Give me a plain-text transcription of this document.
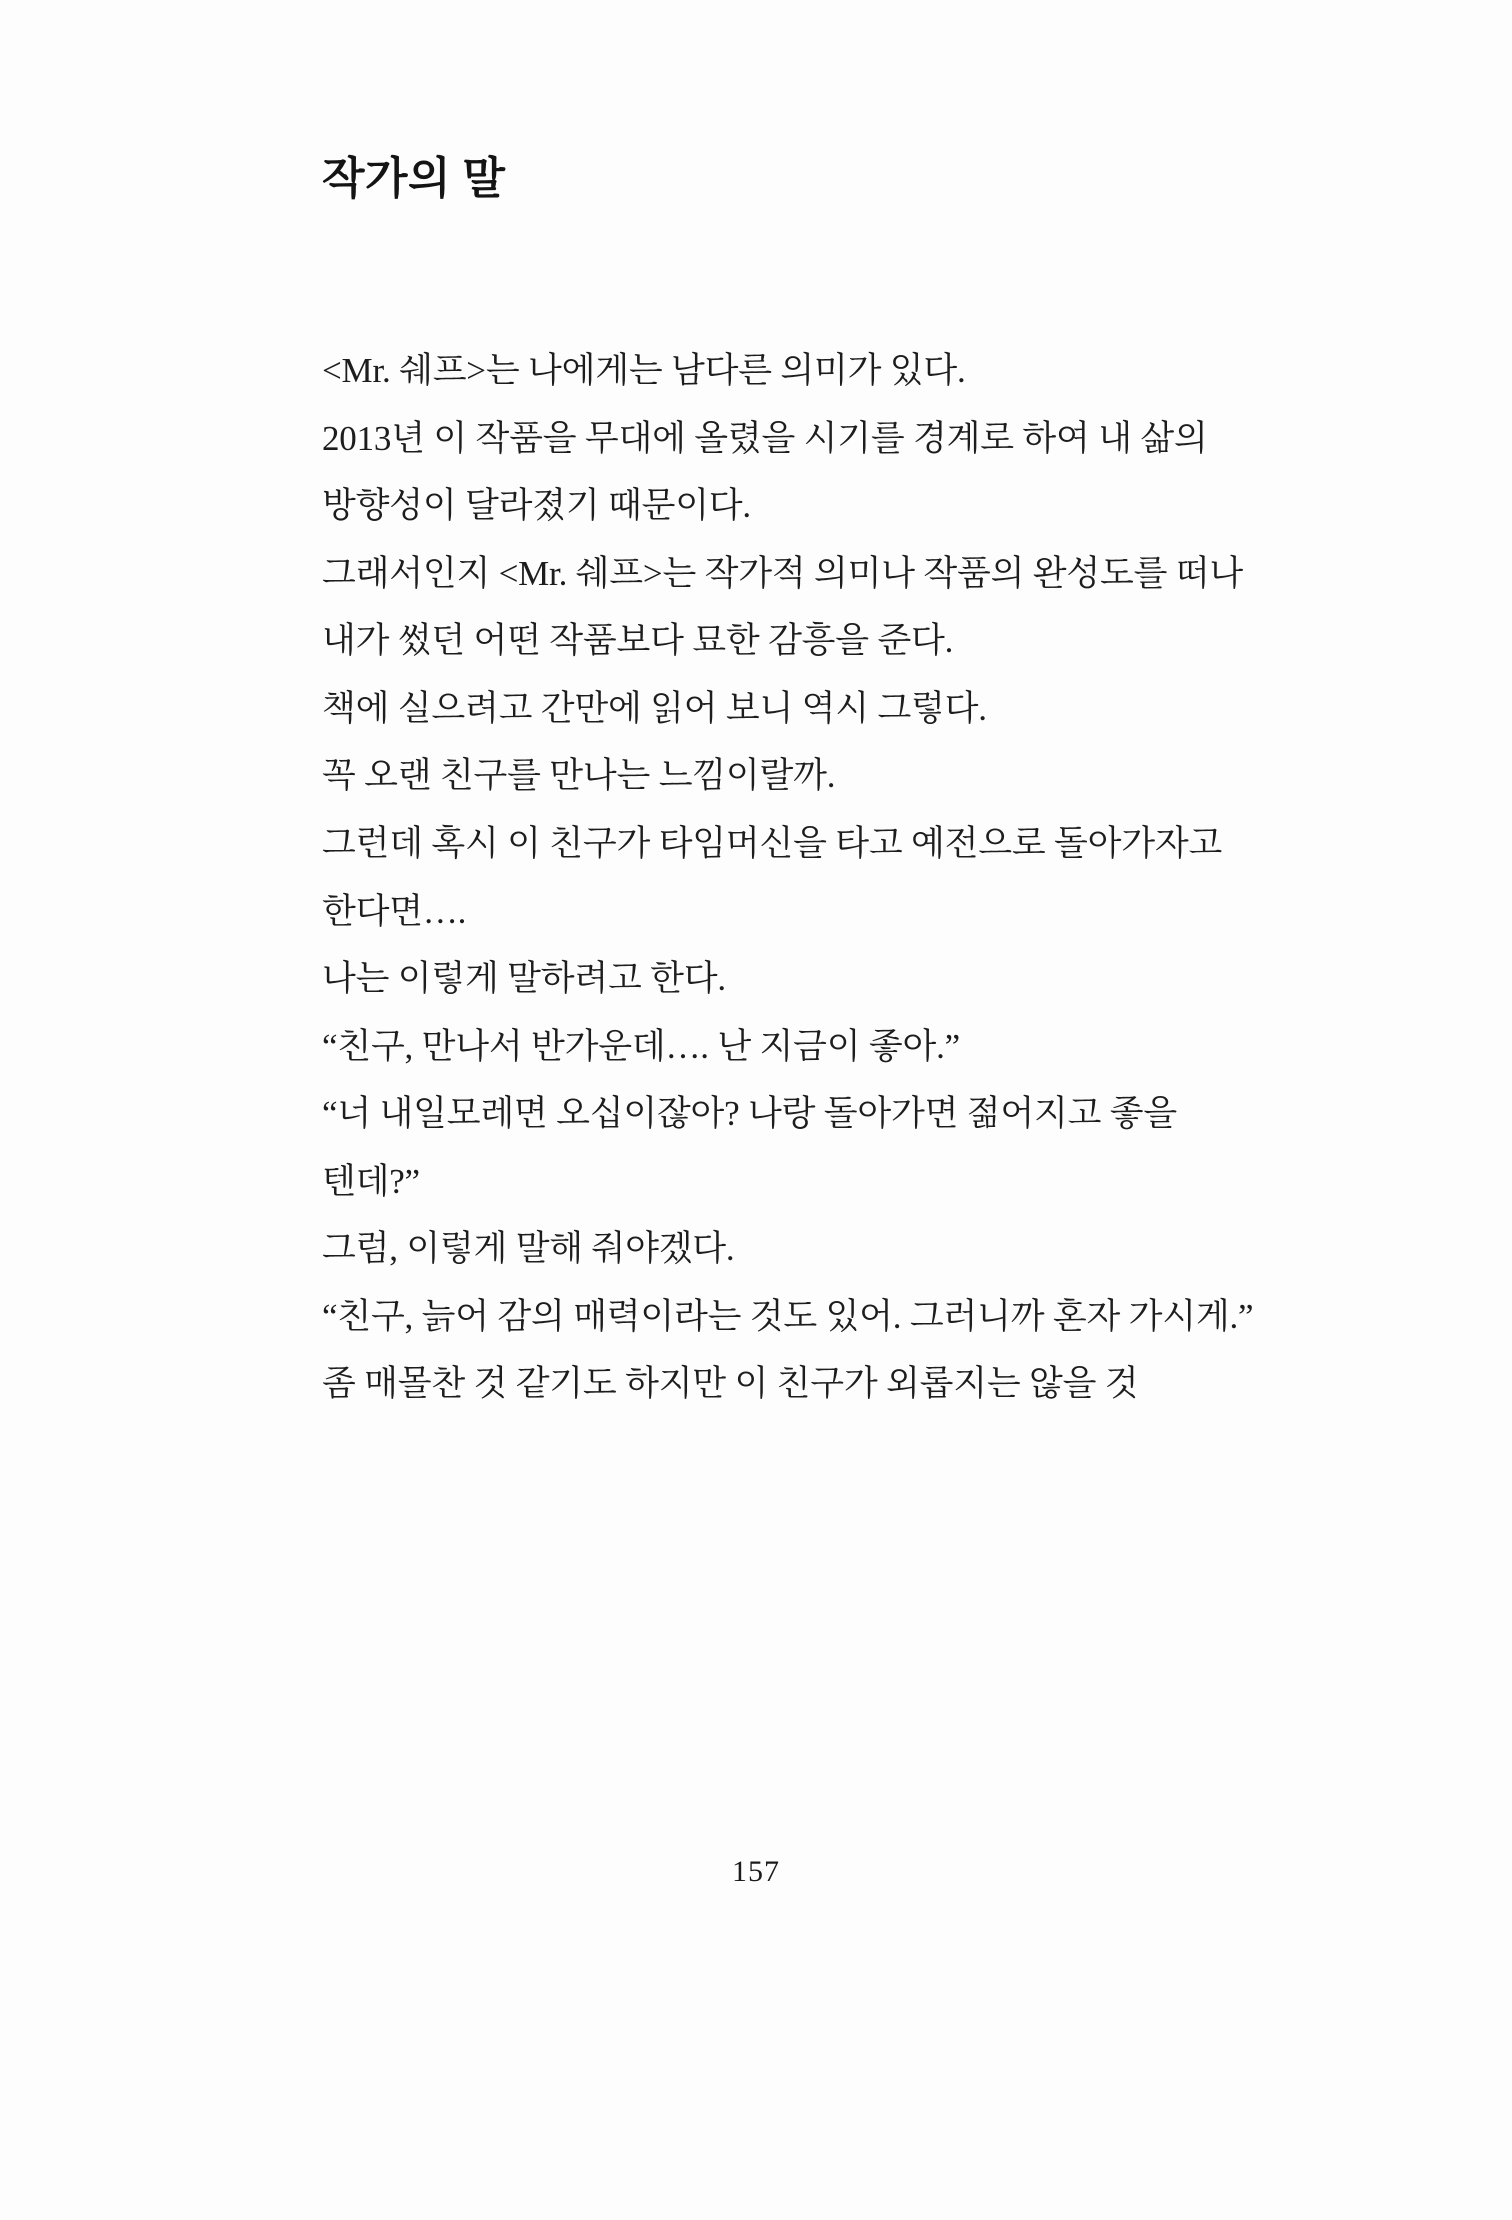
작가의 말

<Mr. 쉐프>는 나에게는 남다른 의미가 있다.

2013년 이 작품을 무대에 올렸을 시기를 경계로 하여 내 삶의 방향성이 달라졌기 때문이다.

그래서인지 <Mr. 쉐프>는 작가적 의미나 작품의 완성도를 떠나 내가 썼던 어떤 작품보다 묘한 감흥을 준다.

책에 실으려고 간만에 읽어 보니 역시 그렇다.

꼭 오랜 친구를 만나는 느낌이랄까.

그런데 혹시 이 친구가 타임머신을 타고 예전으로 돌아가자고 한다면….

나는 이렇게 말하려고 한다.

“친구, 만나서 반가운데…. 난 지금이 좋아.”

“너 내일모레면 오십이잖아? 나랑 돌아가면 젊어지고 좋을 텐데?”

그럼, 이렇게 말해 줘야겠다.

“친구, 늙어 감의 매력이라는 것도 있어. 그러니까 혼자 가시게.”

좀 매몰찬 것 같기도 하지만 이 친구가 외롭지는 않을 것

157
